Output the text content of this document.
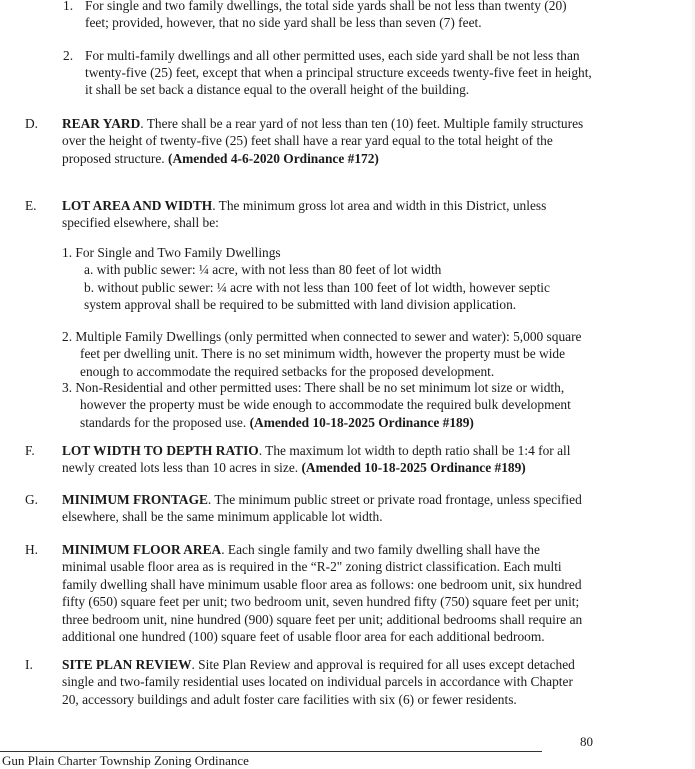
1. For single and two family dwellings, the total side yards shall be not less than twenty (20)
feet; provided, however, that no side yard shall be less than seven (7) feet.
2. For multi-family dwellings and all other permitted uses, each side yard shall be not less than
twenty-five (25) feet, except that when a principal structure exceeds twenty-five feet in height,
it shall be set back a distance equal to the overall height of the building.
D. REAR YARD. There shall be a rear yard of not less than ten (10) feet. Multiple family structures
over the height of twenty-five (25) feet shall have a rear yard equal to the total height of the
proposed structure. (Amended 4-6-2020 Ordinance #172)
E. LOT AREA AND WIDTH. The minimum gross lot area and width in this District, unless
specified elsewhere, shall be:
1. For Single and Two Family Dwellings
a. with public sewer: ¼ acre, with not less than 80 feet of lot width
b. without public sewer: ¼ acre with not less than 100 feet of lot width, however septic
system approval shall be required to be submitted with land division application.
2. Multiple Family Dwellings (only permitted when connected to sewer and water): 5,000 square
feet per dwelling unit. There is no set minimum width, however the property must be wide
enough to accommodate the required setbacks for the proposed development.
3. Non-Residential and other permitted uses: There shall be no set minimum lot size or width,
however the property must be wide enough to accommodate the required bulk development
standards for the proposed use. (Amended 10-18-2025 Ordinance #189)
F. LOT WIDTH TO DEPTH RATIO. The maximum lot width to depth ratio shall be 1:4 for all
newly created lots less than 10 acres in size. (Amended 10-18-2025 Ordinance #189)
G. MINIMUM FRONTAGE. The minimum public street or private road frontage, unless specified
elsewhere, shall be the same minimum applicable lot width.
H. MINIMUM FLOOR AREA. Each single family and two family dwelling shall have the
minimal usable floor area as is required in the “R-2" zoning district classification. Each multi
family dwelling shall have minimum usable floor area as follows: one bedroom unit, six hundred
fifty (650) square feet per unit; two bedroom unit, seven hundred fifty (750) square feet per unit;
three bedroom unit, nine hundred (900) square feet per unit; additional bedrooms shall require an
additional one hundred (100) square feet of usable floor area for each additional bedroom.
I. SITE PLAN REVIEW. Site Plan Review and approval is required for all uses except detached
single and two-family residential uses located on individual parcels in accordance with Chapter
20, accessory buildings and adult foster care facilities with six (6) or fewer residents.
80
Gun Plain Charter Township Zoning Ordinance
